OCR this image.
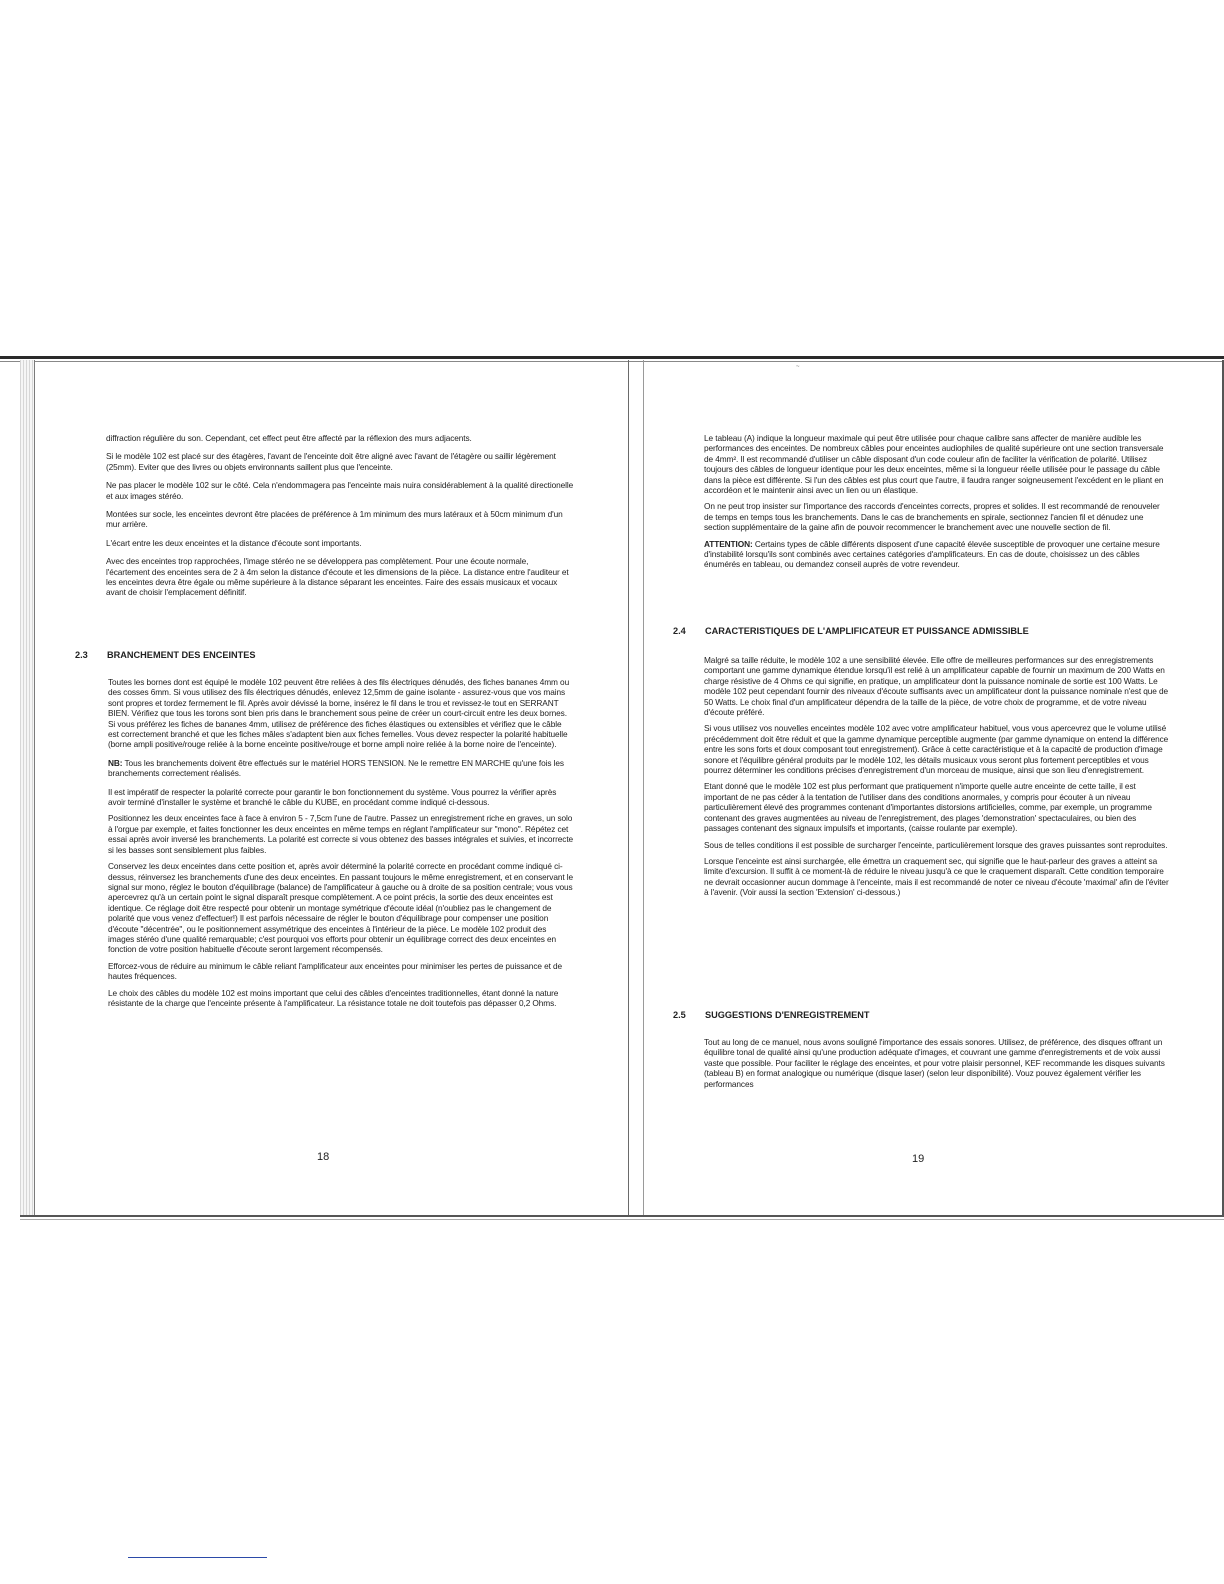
~

diffraction régulière du son. Cependant, cet effect peut être affecté par la réflexion des murs adjacents.

Si le modèle 102 est placé sur des étagères, l'avant de l'enceinte doit être aligné avec l'avant de l'étagère ou saillir légèrement (25mm). Eviter que des livres ou objets environnants saillent plus que l'enceinte.

Ne pas placer le modèle 102 sur le côté. Cela n'endommagera pas l'enceinte mais nuira considérablement à la qualité directionelle et aux images stéréo.

Montées sur socle, les enceintes devront être placées de préférence à 1m minimum des murs latéraux et à 50cm minimum d'un mur arrière.

L'écart entre les deux enceintes et la distance d'écoute sont importants.

Avec des enceintes trop rapprochées, l'image stéréo ne se développera pas complètement. Pour une écoute normale, l'écartement des enceintes sera de 2 à 4m selon la distance d'écoute et les dimensions de la pièce. La distance entre l'auditeur et les enceintes devra être égale ou même supérieure à la distance séparant les enceintes. Faire des essais musicaux et vocaux avant de choisir l'emplacement définitif.

2.3 BRANCHEMENT DES ENCEINTES

Toutes les bornes dont est équipé le modèle 102 peuvent être reliées à des fils électriques dénudés, des fiches bananes 4mm ou des cosses 6mm. Si vous utilisez des fils électriques dénudés, enlevez 12,5mm de gaine isolante - assurez-vous que vos mains sont propres et tordez fermement le fil. Après avoir dévissé la borne, insérez le fil dans le trou et revissez-le tout en SERRANT BIEN. Vérifiez que tous les torons sont bien pris dans le branchement sous peine de créer un court-circuit entre les deux bornes. Si vous préférez les fiches de bananes 4mm, utilisez de préférence des fiches élastiques ou extensibles et vérifiez que le câble est correctement branché et que les fiches mâles s'adaptent bien aux fiches femelles. Vous devez respecter la polarité habituelle (borne ampli positive/rouge reliée à la borne enceinte positive/rouge et borne ampli noire reliée à la borne noire de l'enceinte).

NB: Tous les branchements doivent être effectués sur le matériel HORS TENSION. Ne le remettre EN MARCHE qu'une fois les branchements correctement réalisés.

Il est impératif de respecter la polarité correcte pour garantir le bon fonctionnement du système. Vous pourrez la vérifier après avoir terminé d'installer le système et branché le câble du KUBE, en procédant comme indiqué ci-dessous.

Positionnez les deux enceintes face à face à environ 5 - 7,5cm l'une de l'autre. Passez un enregistrement riche en graves, un solo à l'orgue par exemple, et faites fonctionner les deux enceintes en même temps en réglant l'amplificateur sur "mono". Répétez cet essai après avoir inversé les branchements. La polarité est correcte si vous obtenez des basses intégrales et suivies, et incorrecte si les basses sont sensiblement plus faibles.

Conservez les deux enceintes dans cette position et, après avoir déterminé la polarité correcte en procédant comme indiqué ci-dessus, réinversez les branchements d'une des deux enceintes. En passant toujours le même enregistrement, et en conservant le signal sur mono, réglez le bouton d'équilibrage (balance) de l'amplificateur à gauche ou à droite de sa position centrale; vous vous apercevrez qu'à un certain point le signal disparaît presque complètement. A ce point précis, la sortie des deux enceintes est identique. Ce réglage doit être respecté pour obtenir un montage symétrique d'écoute idéal (n'oubliez pas le changement de polarité que vous venez d'effectuer!) Il est parfois nécessaire de régler le bouton d'équilibrage pour compenser une position d'écoute "décentrée", ou le positionnement assymétrique des enceintes à l'intérieur de la pièce. Le modèle 102 produit des images stéréo d'une qualité remarquable; c'est pourquoi vos efforts pour obtenir un équilibrage correct des deux enceintes en fonction de votre position habituelle d'écoute seront largement récompensés.

Efforcez-vous de réduire au minimum le câble reliant l'amplificateur aux enceintes pour minimiser les pertes de puissance et de hautes fréquences.

Le choix des câbles du modèle 102 est moins important que celui des câbles d'enceintes traditionnelles, étant donné la nature résistante de la charge que l'enceinte présente à l'amplificateur. La résistance totale ne doit toutefois pas dépasser 0,2 Ohms.

18

Le tableau (A) indique la longueur maximale qui peut être utilisée pour chaque calibre sans affecter de manière audible les performances des enceintes. De nombreux câbles pour enceintes audiophiles de qualité supérieure ont une section transversale de 4mm². Il est recommandé d'utiliser un câble disposant d'un code couleur afin de faciliter la vérification de polarité. Utilisez toujours des câbles de longueur identique pour les deux enceintes, même si la longueur réelle utilisée pour le passage du câble dans la pièce est différente. Si l'un des câbles est plus court que l'autre, il faudra ranger soigneusement l'excédent en le pliant en accordéon et le maintenir ainsi avec un lien ou un élastique.

On ne peut trop insister sur l'importance des raccords d'enceintes corrects, propres et solides. Il est recommandé de renouveler de temps en temps tous les branchements. Dans le cas de branchements en spirale, sectionnez l'ancien fil et dénudez une section supplémentaire de la gaine afin de pouvoir recommencer le branchement avec une nouvelle section de fil.

ATTENTION: Certains types de câble différents disposent d'une capacité élevée susceptible de provoquer une certaine mesure d'instabilité lorsqu'ils sont combinés avec certaines catégories d'amplificateurs. En cas de doute, choisissez un des câbles énumérés en tableau, ou demandez conseil auprès de votre revendeur.

2.4 CARACTERISTIQUES DE L'AMPLIFICATEUR ET PUISSANCE ADMISSIBLE

Malgré sa taille réduite, le modèle 102 a une sensibilité élevée. Elle offre de meilleures performances sur des enregistrements comportant une gamme dynamique étendue lorsqu'il est relié à un amplificateur capable de fournir un maximum de 200 Watts en charge résistive de 4 Ohms ce qui signifie, en pratique, un amplificateur dont la puissance nominale de sortie est 100 Watts. Le modèle 102 peut cependant fournir des niveaux d'écoute suffisants avec un amplificateur dont la puissance nominale n'est que de 50 Watts. Le choix final d'un amplificateur dépendra de la taille de la pièce, de votre choix de programme, et de votre niveau d'écoute préféré.

Si vous utilisez vos nouvelles enceintes modèle 102 avec votre amplificateur habituel, vous vous apercevrez que le volume utilisé précédemment doit être réduit et que la gamme dynamique perceptible augmente (par gamme dynamique on entend la différence entre les sons forts et doux composant tout enregistrement). Grâce à cette caractéristique et à la capacité de production d'image sonore et l'équilibre général produits par le modèle 102, les détails musicaux vous seront plus fortement perceptibles et vous pourrez déterminer les conditions précises d'enregistrement d'un morceau de musique, ainsi que son lieu d'enregistrement.

Etant donné que le modèle 102 est plus performant que pratiquement n'importe quelle autre enceinte de cette taille, il est important de ne pas céder à la tentation de l'utiliser dans des conditions anormales, y compris pour écouter à un niveau particulièrement élevé des programmes contenant d'importantes distorsions artificielles, comme, par exemple, un programme contenant des graves augmentées au niveau de l'enregistrement, des plages 'demonstration' spectaculaires, ou bien des passages contenant des signaux impulsifs et importants, (caisse roulante par exemple).

Sous de telles conditions il est possible de surcharger l'enceinte, particulièrement lorsque des graves puissantes sont reproduites.

Lorsque l'enceinte est ainsi surchargée, elle émettra un craquement sec, qui signifie que le haut-parleur des graves a atteint sa limite d'excursion. Il suffit à ce moment-là de réduire le niveau jusqu'à ce que le craquement disparaît. Cette condition temporaire ne devrait occasionner aucun dommage à l'enceinte, mais il est recommandé de noter ce niveau d'écoute 'maximal' afin de l'éviter à l'avenir. (Voir aussi la section 'Extension' ci-dessous.)

2.5 SUGGESTIONS D'ENREGISTREMENT

Tout au long de ce manuel, nous avons souligné l'importance des essais sonores. Utilisez, de préférence, des disques offrant un équilibre tonal de qualité ainsi qu'une production adéquate d'images, et couvrant une gamme d'enregistrements et de voix aussi vaste que possible. Pour faciliter le réglage des enceintes, et pour votre plaisir personnel, KEF recommande les disques suivants (tableau B) en format analogique ou numérique (disque laser) (selon leur disponibilité). Vouz pouvez également vérifier les performances

19
